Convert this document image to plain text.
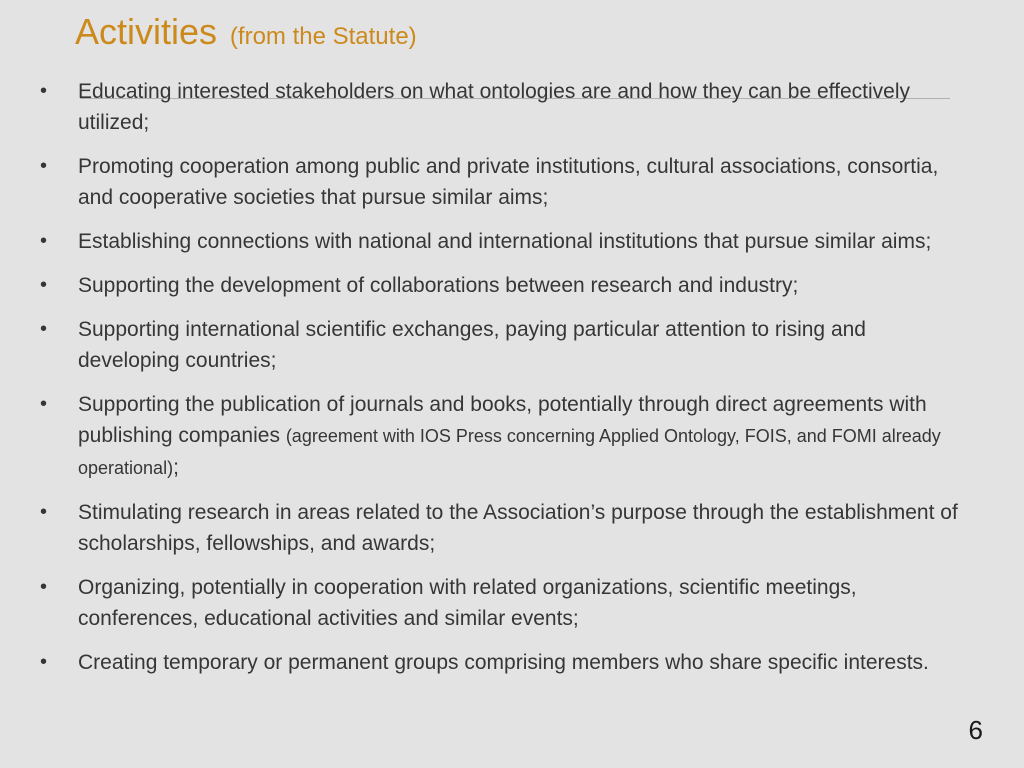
Activities (from the Statute)
•	Educating interested stakeholders on what ontologies are and how they can be effectively utilized;
•	Promoting cooperation among public and private institutions, cultural associations, consortia, and cooperative societies that pursue similar aims;
•	Establishing connections with national and international institutions that pursue similar aims;
•	Supporting the development of collaborations between research and industry;
•	Supporting international scientific exchanges, paying particular attention to rising and developing countries;
•	Supporting the publication of journals and books, potentially through direct agreements with publishing companies (agreement with IOS Press concerning Applied Ontology, FOIS, and FOMI already operational);
•	Stimulating research in areas related to the Association’s purpose through the establishment of scholarships, fellowships, and awards;
•	Organizing, potentially in cooperation with related organizations, scientific meetings, conferences, educational activities and similar events;
•	Creating temporary or permanent groups comprising members who share specific interests.
6
